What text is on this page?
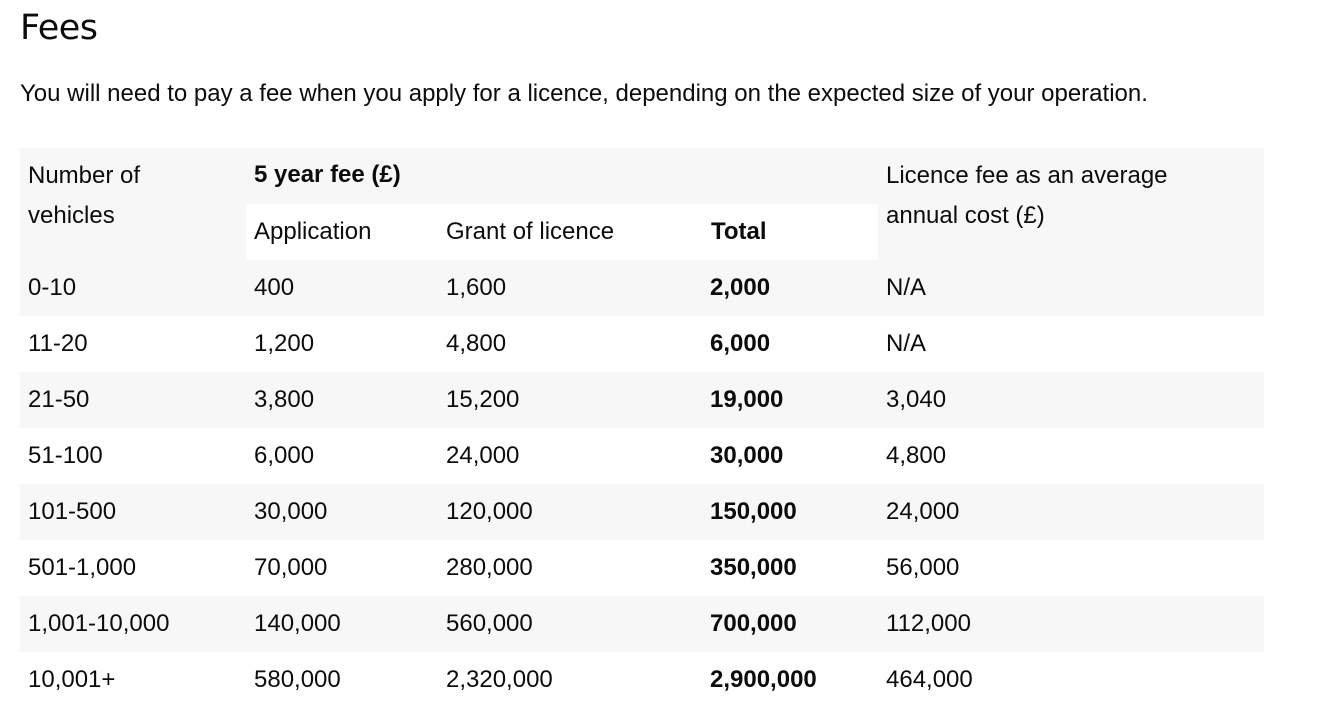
Fees

You will need to pay a fee when you apply for a licence, depending on the expected size of your operation.

Number of vehicles
5 year fee (£)	Licence fee as an average annual cost (£)
Application	Grant of licence	Total
0-10	400	1,600	2,000	N/A
11-20	1,200	4,800	6,000	N/A
21-50	3,800	15,200	19,000	3,040
51-100	6,000	24,000	30,000	4,800
101-500	30,000	120,000	150,000	24,000
501-1,000	70,000	280,000	350,000	56,000
1,001-10,000	140,000	560,000	700,000	112,000
10,001+	580,000	2,320,000	2,900,000	464,000
